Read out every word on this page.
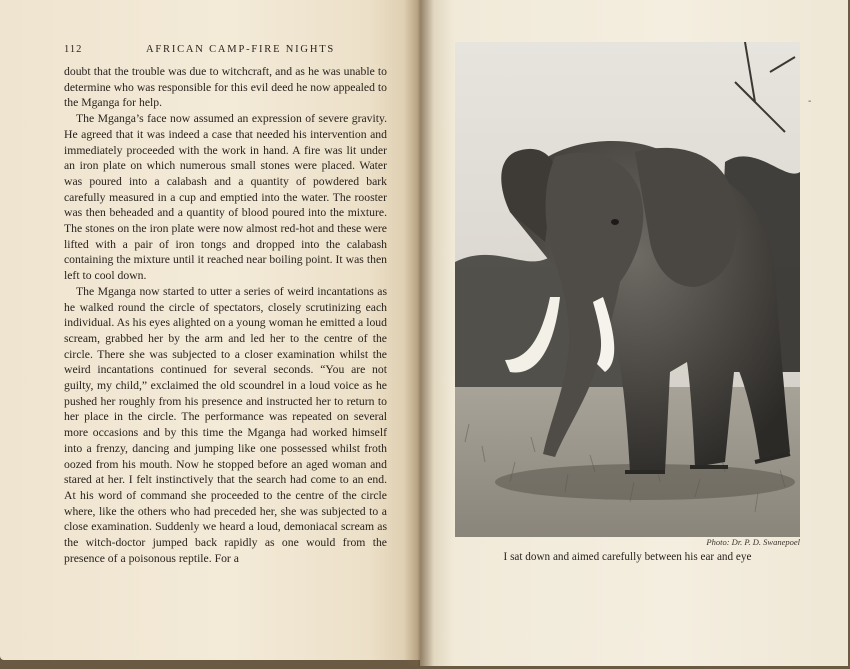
112	AFRICAN CAMP-FIRE NIGHTS

doubt that the trouble was due to witchcraft, and as he was unable to determine who was responsible for this evil deed he now appealed to the Mganga for help.

The Mganga’s face now assumed an expression of severe gravity. He agreed that it was indeed a case that needed his intervention and immediately proceeded with the work in hand. A fire was lit under an iron plate on which numerous small stones were placed. Water was poured into a calabash and a quantity of powdered bark carefully measured in a cup and emptied into the water. The rooster was then beheaded and a quantity of blood poured into the mixture. The stones on the iron plate were now almost red-hot and these were lifted with a pair of iron tongs and dropped into the calabash containing the mixture until it reached near boiling point. It was then left to cool down.

The Mganga now started to utter a series of weird incantations as he walked round the circle of spectators, closely scrutinizing each individual. As his eyes alighted on a young woman he emitted a loud scream, grabbed her by the arm and led her to the centre of the circle. There she was subjected to a closer examination whilst the weird incantations continued for several seconds. “You are not guilty, my child,” exclaimed the old scoundrel in a loud voice as he pushed her roughly from his presence and instructed her to return to her place in the circle. The performance was repeated on several more occasions and by this time the Mganga had worked himself into a frenzy, dancing and jumping like one possessed whilst froth oozed from his mouth. Now he stopped before an aged woman and stared at her. I felt instinctively that the search had come to an end. At his word of command she proceeded to the centre of the circle where, like the others who had preceded her, she was subjected to a close examination. Suddenly we heard a loud, demoniacal scream as the witch-doctor jumped back rapidly as one would from the presence of a poisonous reptile. For a

Photo: Dr. P. D. Swanepoel
I sat down and aimed carefully between his ear and eye
-
